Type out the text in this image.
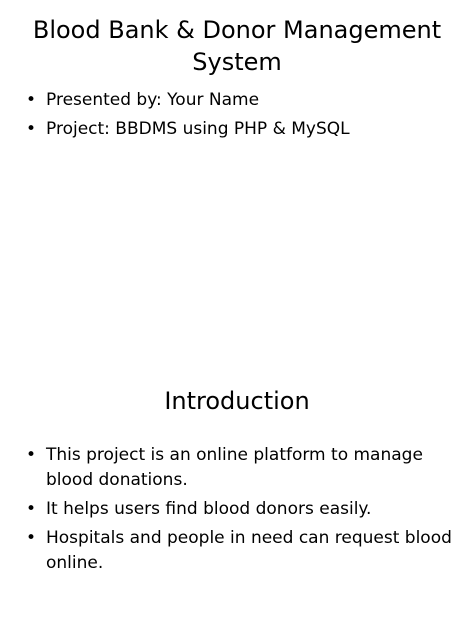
Blood Bank & Donor Management System
• Presented by: Your Name
• Project: BBDMS using PHP & MySQL
Introduction
• This project is an online platform to manage blood donations.
• It helps users find blood donors easily.
• Hospitals and people in need can request blood online.
